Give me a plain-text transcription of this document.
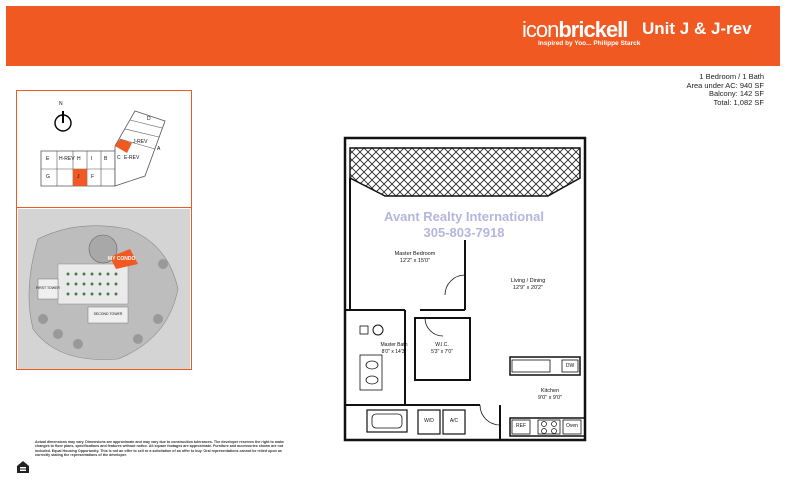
iconbrickell
Inspired by Yoo... Philippe Starck
Unit J & J-rev
1 Bedroom / 1 Bath
Area under AC: 940 SF
Balcony: 142 SF
Total: 1,082 SF
N
E H-REV H I B
G	J F
C
D
A
E-REV
J-REV
MY CONDO
FIRST TOWER
SECOND TOWER
Avant Realty International
305-803-7918
Master Bedroom
12'2" x 15'0"
Living / Dining
12'9" x 20'2"
W.I.C.
5'3" x 7'0"
Master Bath
8'0" x 14'3"
Kitchen
9'0" x 9'0"
W/D	A/C
REF	Oven
DW
Actual dimensions may vary. Dimensions are approximate and may vary due to construction tolerances. The developer reserves the right to make changes to floor plans, specifications and features without notice. All square footages are approximate. Furniture and accessories shown are not included. Equal Housing Opportunity. This is not an offer to sell or a solicitation of an offer to buy. Oral representations cannot be relied upon as correctly stating the representations of the developer.
